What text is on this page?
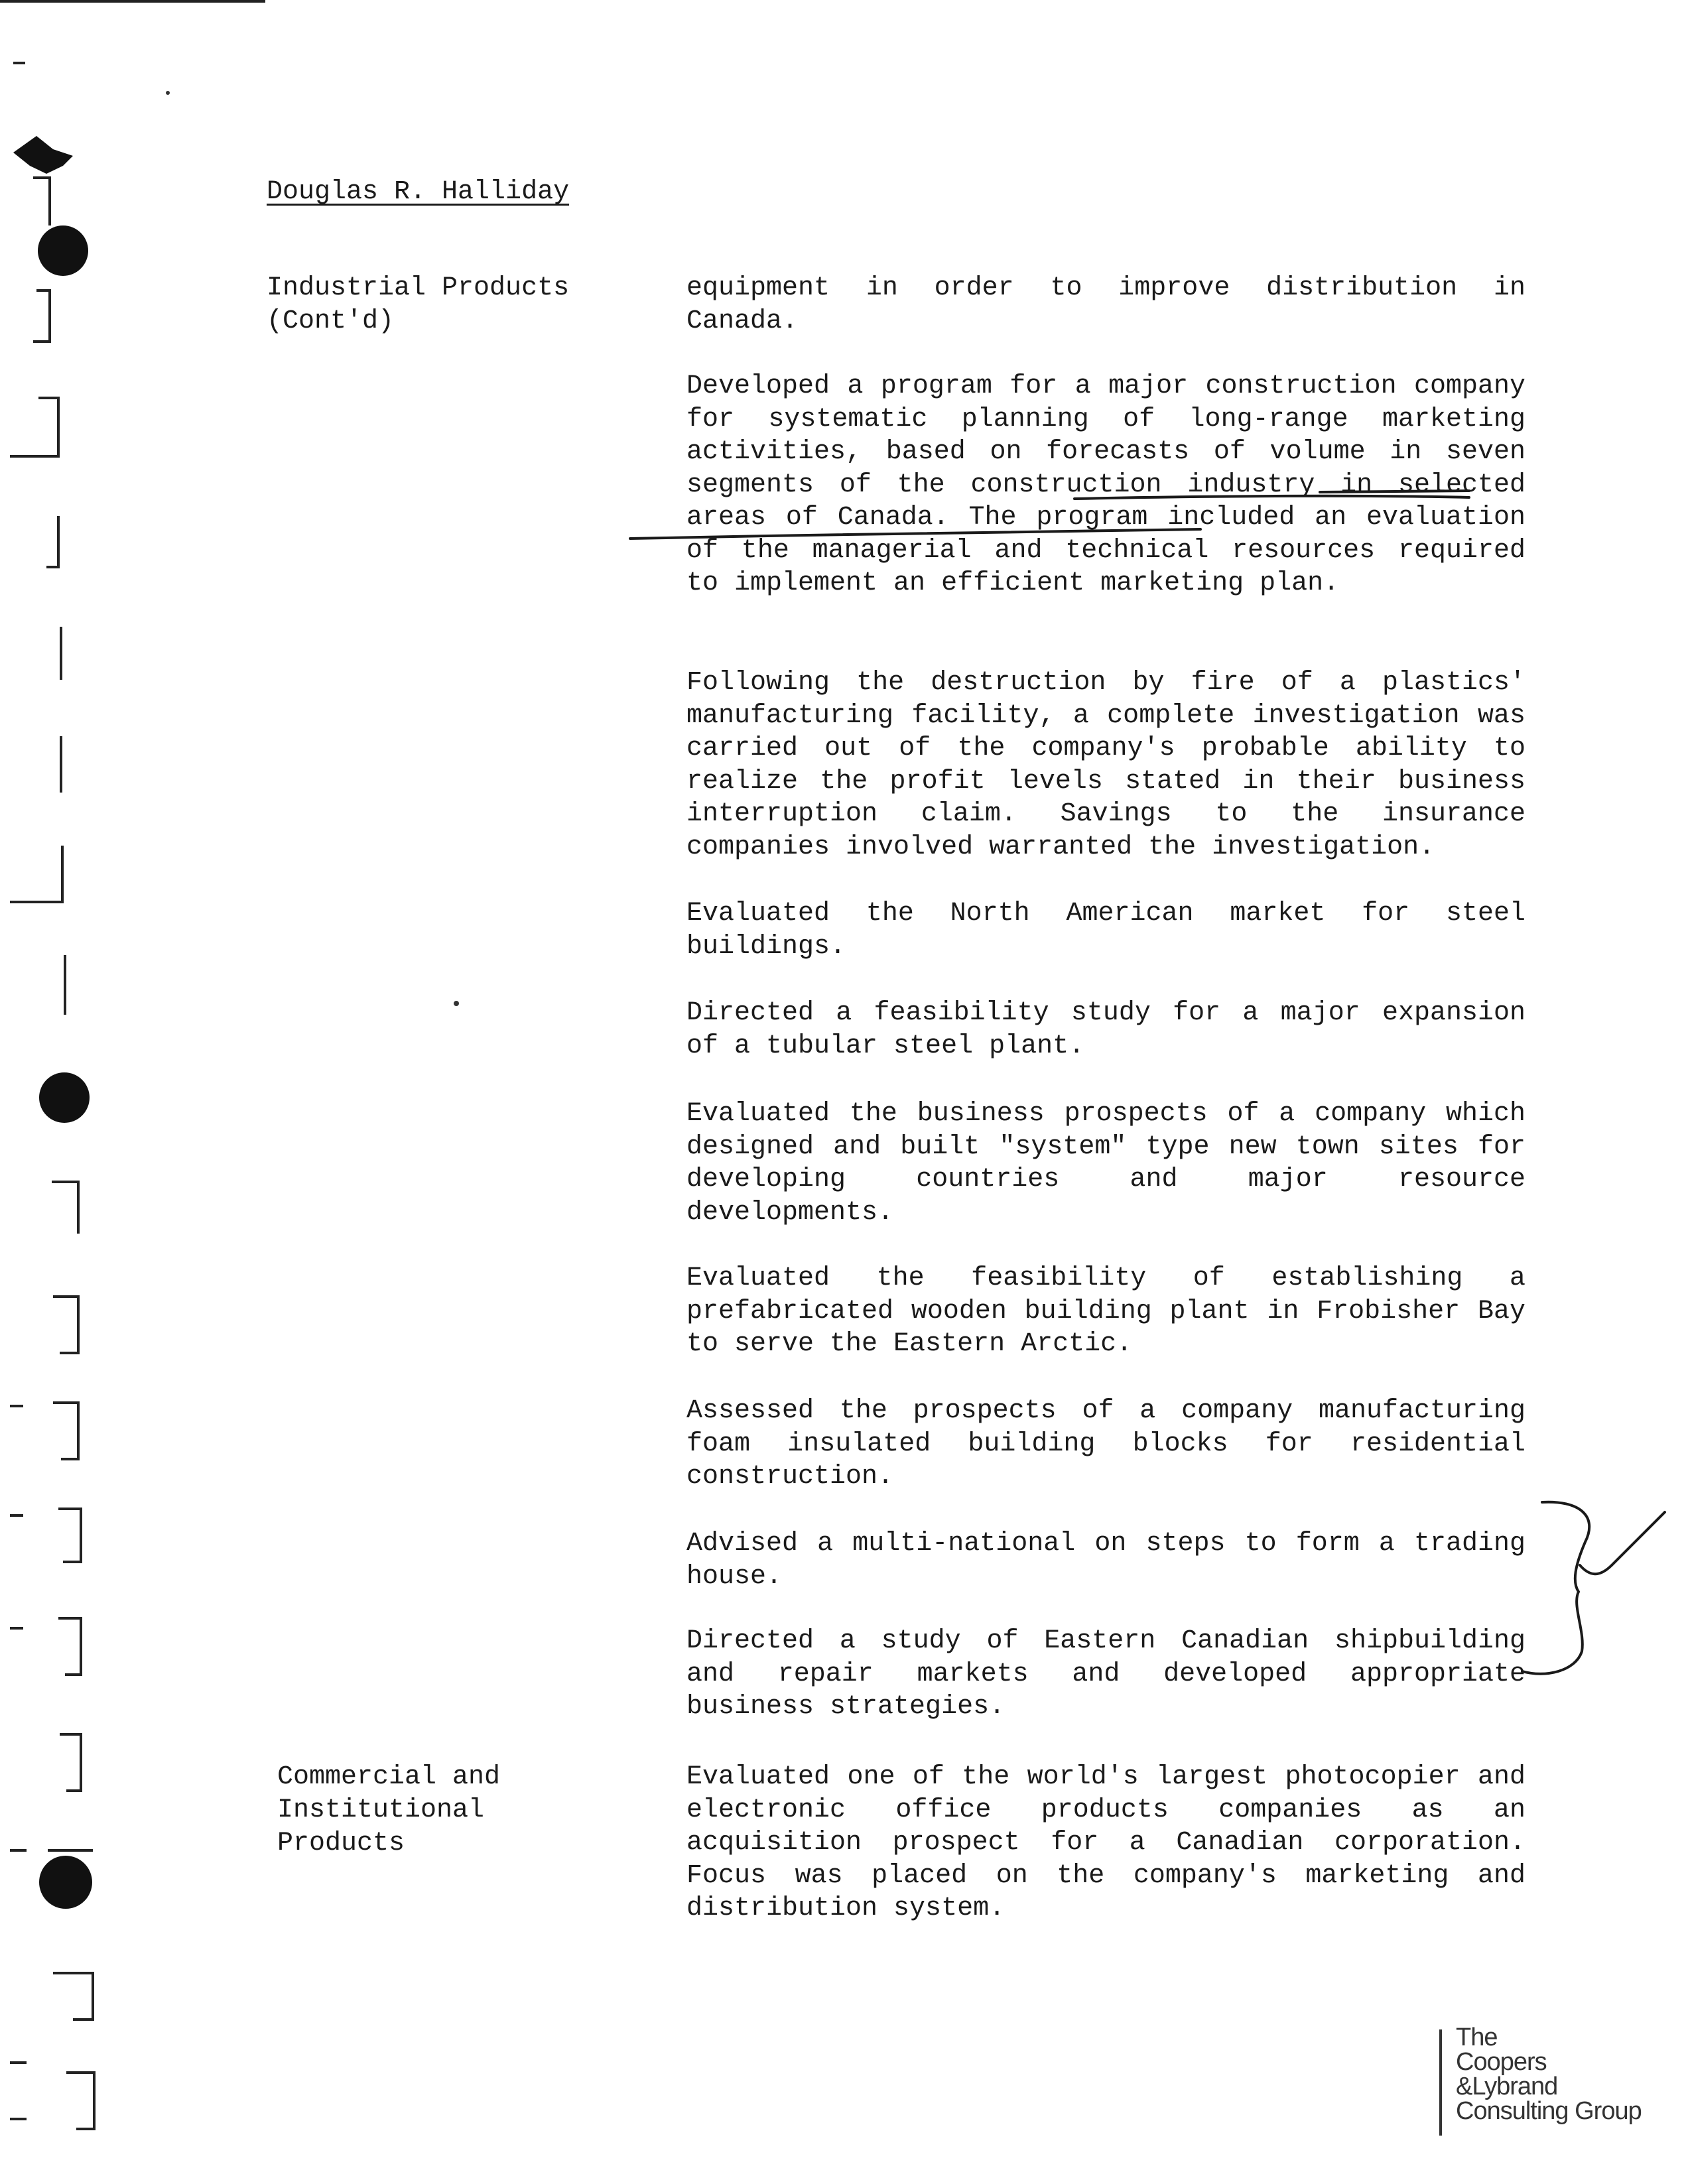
Douglas R. Halliday
Industrial Products
(Cont'd)
Commercial and
Institutional
Products

equipment in order to improve distribution in Canada.

Developed a program for a major construction company for systematic planning of long-range marketing activities, based on forecasts of volume in seven segments of the construction industry in selected areas of Canada. The program included an evaluation of the managerial and technical resources required to implement an efficient marketing plan.

Following the destruction by fire of a plastics' manufacturing facility, a complete investigation was carried out of the company's probable ability to realize the profit levels stated in their business interruption claim. Savings to the insurance companies involved warranted the investigation.

Evaluated the North American market for steel buildings.

Directed a feasibility study for a major expansion of a tubular steel plant.

Evaluated the business prospects of a company which designed and built "system" type new town sites for developing countries and major resource developments.

Evaluated the feasibility of establishing a prefabricated wooden building plant in Frobisher Bay to serve the Eastern Arctic.

Assessed the prospects of a company manufacturing foam insulated building blocks for residential construction.

Advised a multi-national on steps to form a trading house.

Directed a study of Eastern Canadian shipbuilding and repair markets and developed appropriate business strategies.

Evaluated one of the world's largest photocopier and electronic office products companies as an acquisition prospect for a Canadian corporation. Focus was placed on the company's marketing and distribution system.

The
Coopers
&Lybrand
Consulting Group
